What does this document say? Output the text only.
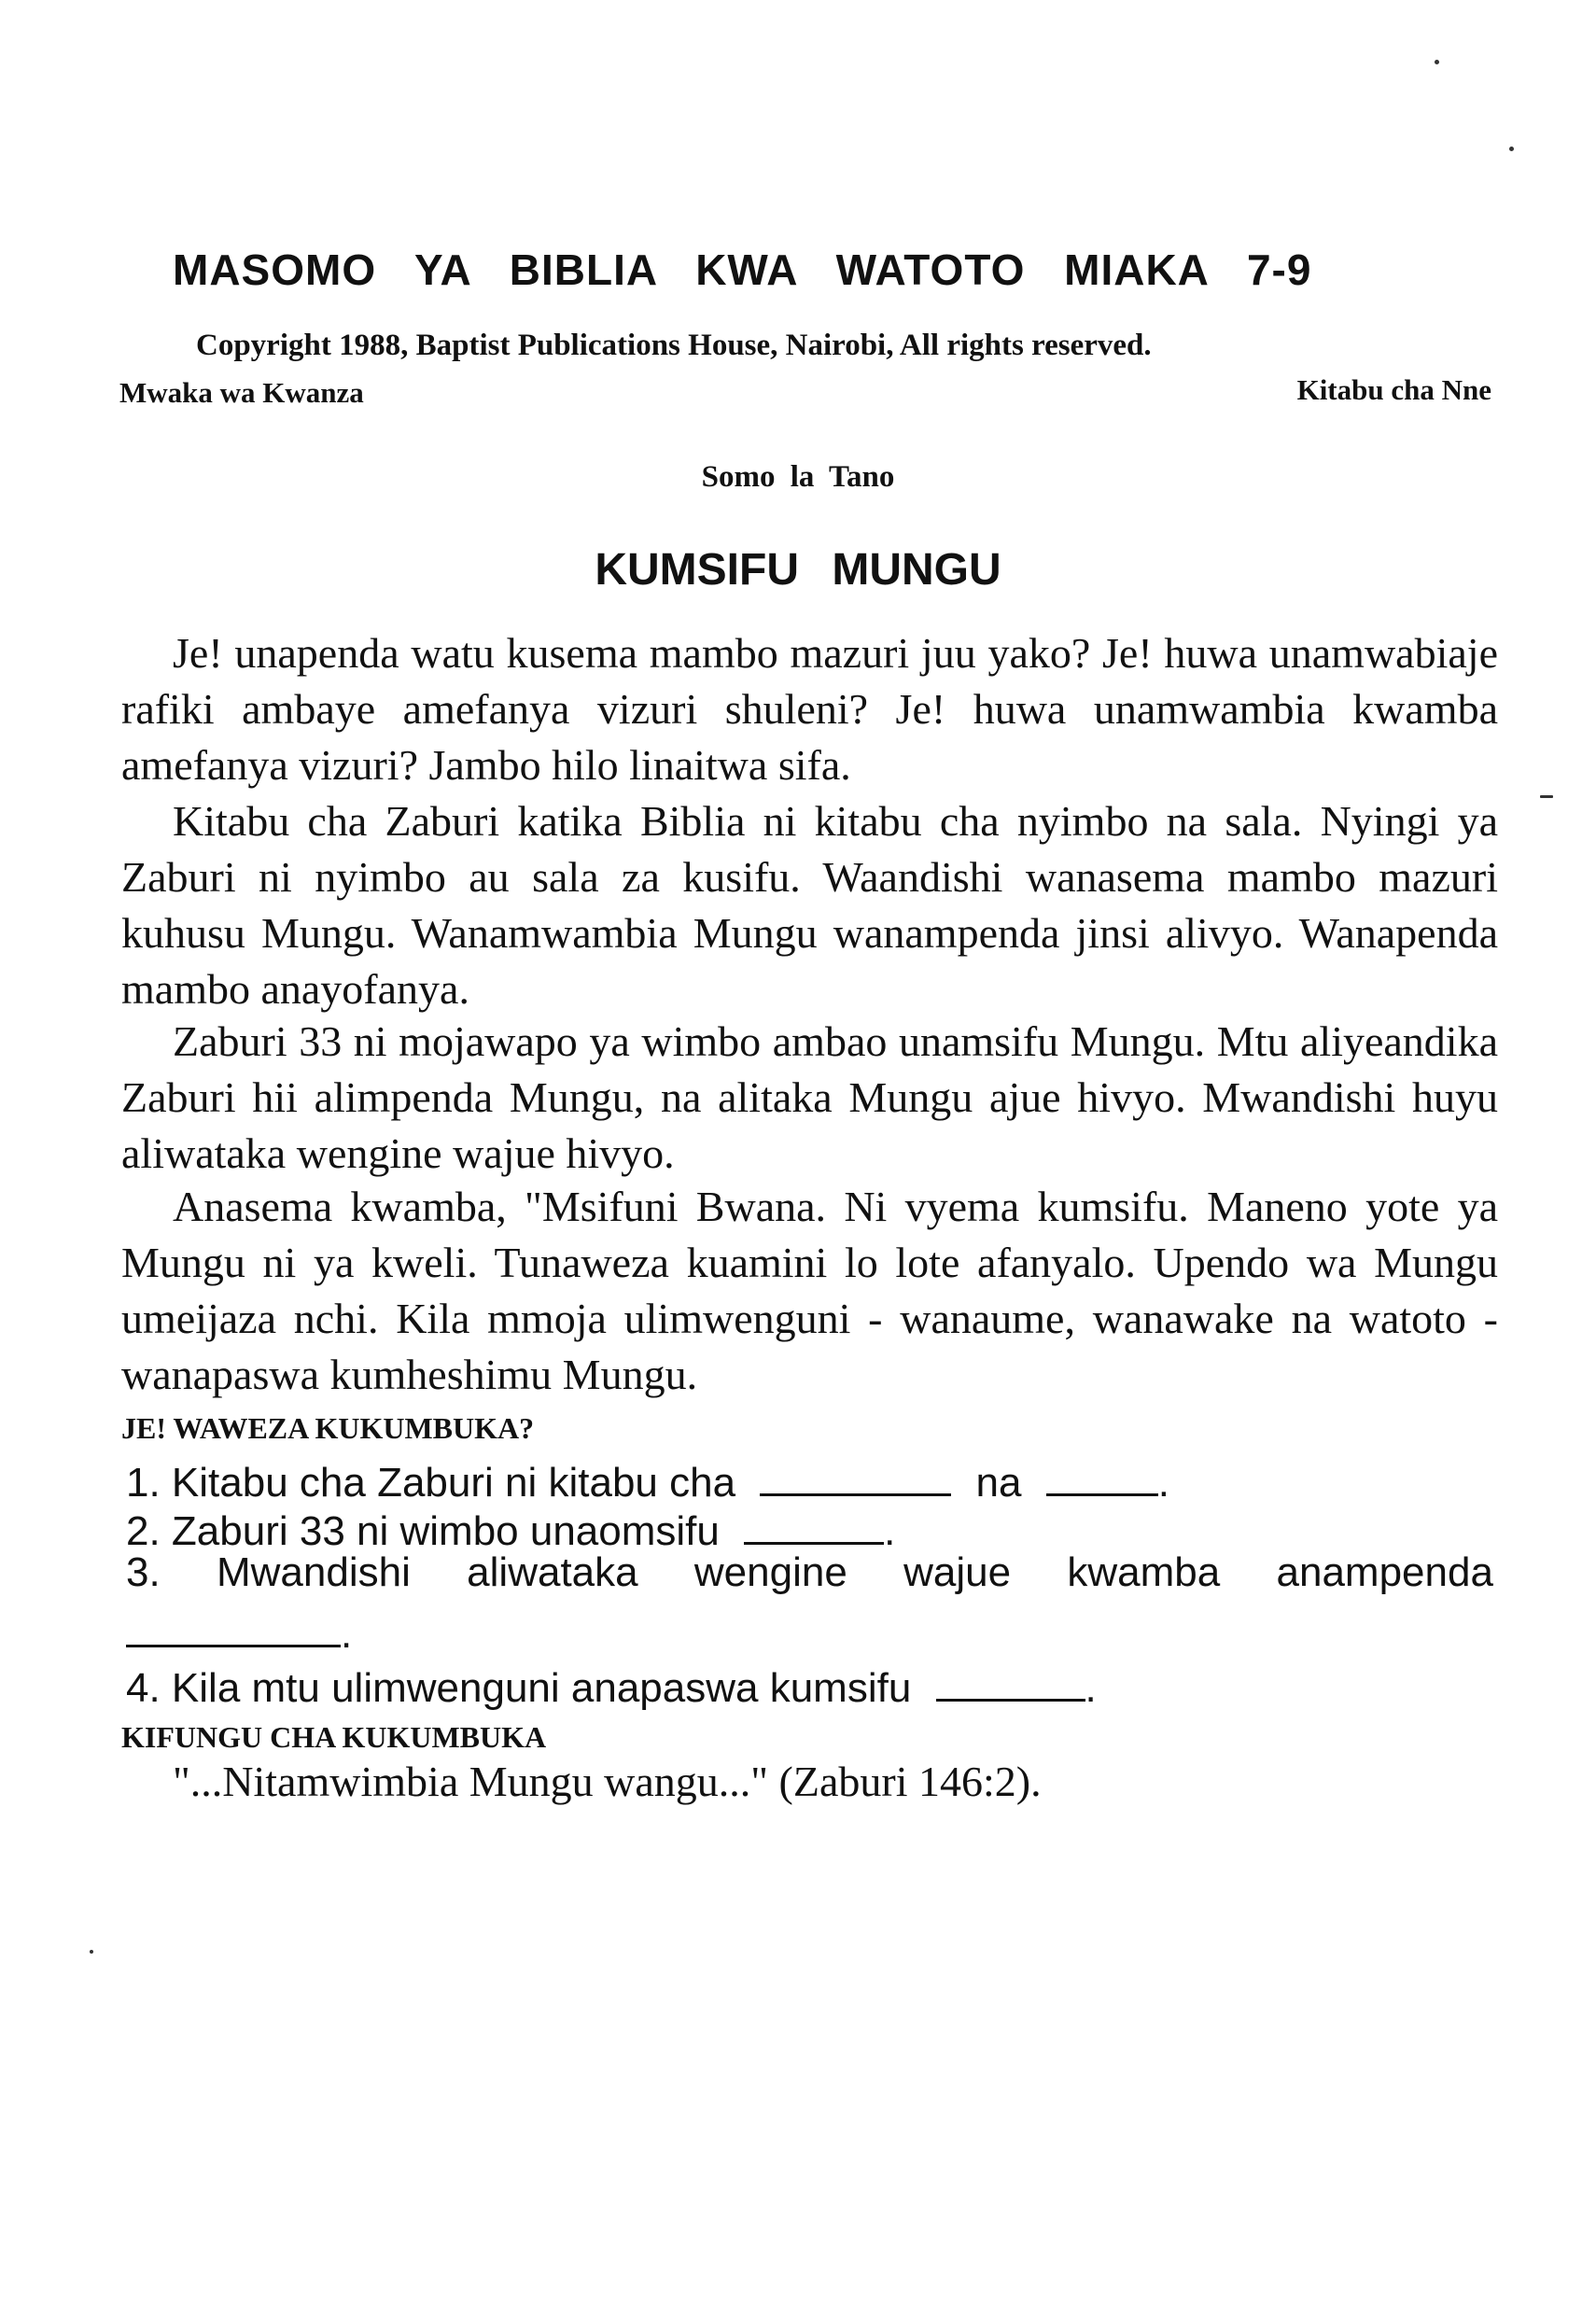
MASOMO YA BIBLIA KWA WATOTO MIAKA 7-9

Copyright 1988, Baptist Publications House, Nairobi, All rights reserved.

Mwaka wa Kwanza	Kitabu cha Nne
Somo la Tano
KUMSIFU MUNGU

Je! unapenda watu kusema mambo mazuri juu yako? Je! huwa unamwabiaje rafiki ambaye amefanya vizuri shuleni? Je! huwa unamwambia kwamba amefanya vizuri? Jambo hilo linaitwa sifa.

Kitabu cha Zaburi katika Biblia ni kitabu cha nyimbo na sala. Nyingi ya Zaburi ni nyimbo au sala za kusifu. Waandishi wanasema mambo mazuri kuhusu Mungu. Wanamwambia Mungu wanampenda jinsi alivyo. Wanapenda mambo anayofanya.

Zaburi 33 ni mojawapo ya wimbo ambao unamsifu Mungu. Mtu aliyeandika Zaburi hii alimpenda Mungu, na alitaka Mungu ajue hivyo. Mwandishi huyu aliwataka wengine wajue hivyo.

Anasema kwamba, "Msifuni Bwana. Ni vyema kumsifu. Maneno yote ya Mungu ni ya kweli. Tunaweza kuamini lo lote afanyalo. Upendo wa Mungu umeijaza nchi. Kila mmoja ulimwenguni - wanaume, wanawake na watoto - wanapaswa kumheshimu Mungu.

JE! WAWEZA KUKUMBUKA?
1. Kitabu cha Zaburi ni kitabu cha	na	.
2. Zaburi 33 ni wimbo unaomsifu	.
3. Mwandishi aliwataka wengine wajue kwamba anampenda
.
4. Kila mtu ulimwenguni anapaswa kumsifu	.
KIFUNGU CHA KUKUMBUKA
"...Nitamwimbia Mungu wangu..." (Zaburi 146:2).
